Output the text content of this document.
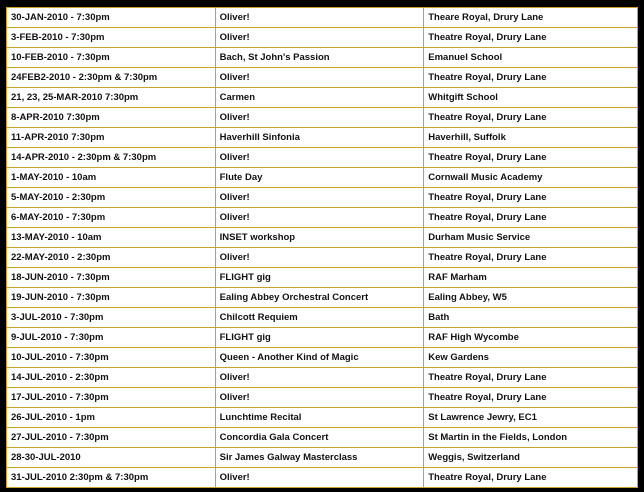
30-JAN-2010 - 7:30pm	Oliver!	Theare Royal, Drury Lane
3-FEB-2010 - 7:30pm	Oliver!	Theatre Royal, Drury Lane
10-FEB-2010 - 7:30pm	Bach, St John's Passion	Emanuel School
24FEB2-2010 - 2:30pm & 7:30pm	Oliver!	Theatre Royal, Drury Lane
21, 23, 25-MAR-2010 7:30pm	Carmen	Whitgift School
8-APR-2010 7:30pm	Oliver!	Theatre Royal, Drury Lane
11-APR-2010 7:30pm	Haverhill Sinfonia	Haverhill, Suffolk
14-APR-2010 - 2:30pm & 7:30pm	Oliver!	Theatre Royal, Drury Lane
1-MAY-2010 - 10am	Flute Day	Cornwall Music Academy
5-MAY-2010 - 2:30pm	Oliver!	Theatre Royal, Drury Lane
6-MAY-2010 - 7:30pm	Oliver!	Theatre Royal, Drury Lane
13-MAY-2010 - 10am	INSET workshop	Durham Music Service
22-MAY-2010 - 2:30pm	Oliver!	Theatre Royal, Drury Lane
18-JUN-2010 - 7:30pm	FLIGHT gig	RAF Marham
19-JUN-2010 - 7:30pm	Ealing Abbey Orchestral Concert	Ealing Abbey, W5
3-JUL-2010 - 7:30pm	Chilcott Requiem	Bath
9-JUL-2010 - 7:30pm	FLIGHT gig	RAF High Wycombe
10-JUL-2010 - 7:30pm	Queen - Another Kind of Magic	Kew Gardens
14-JUL-2010 - 2:30pm	Oliver!	Theatre Royal, Drury Lane
17-JUL-2010 - 7:30pm	Oliver!	Theatre Royal, Drury Lane
26-JUL-2010 - 1pm	Lunchtime Recital	St Lawrence Jewry, EC1
27-JUL-2010 - 7:30pm	Concordia Gala Concert	St Martin in the Fields, London
28-30-JUL-2010	Sir James Galway Masterclass	Weggis, Switzerland
31-JUL-2010 2:30pm & 7:30pm	Oliver!	Theatre Royal, Drury Lane
